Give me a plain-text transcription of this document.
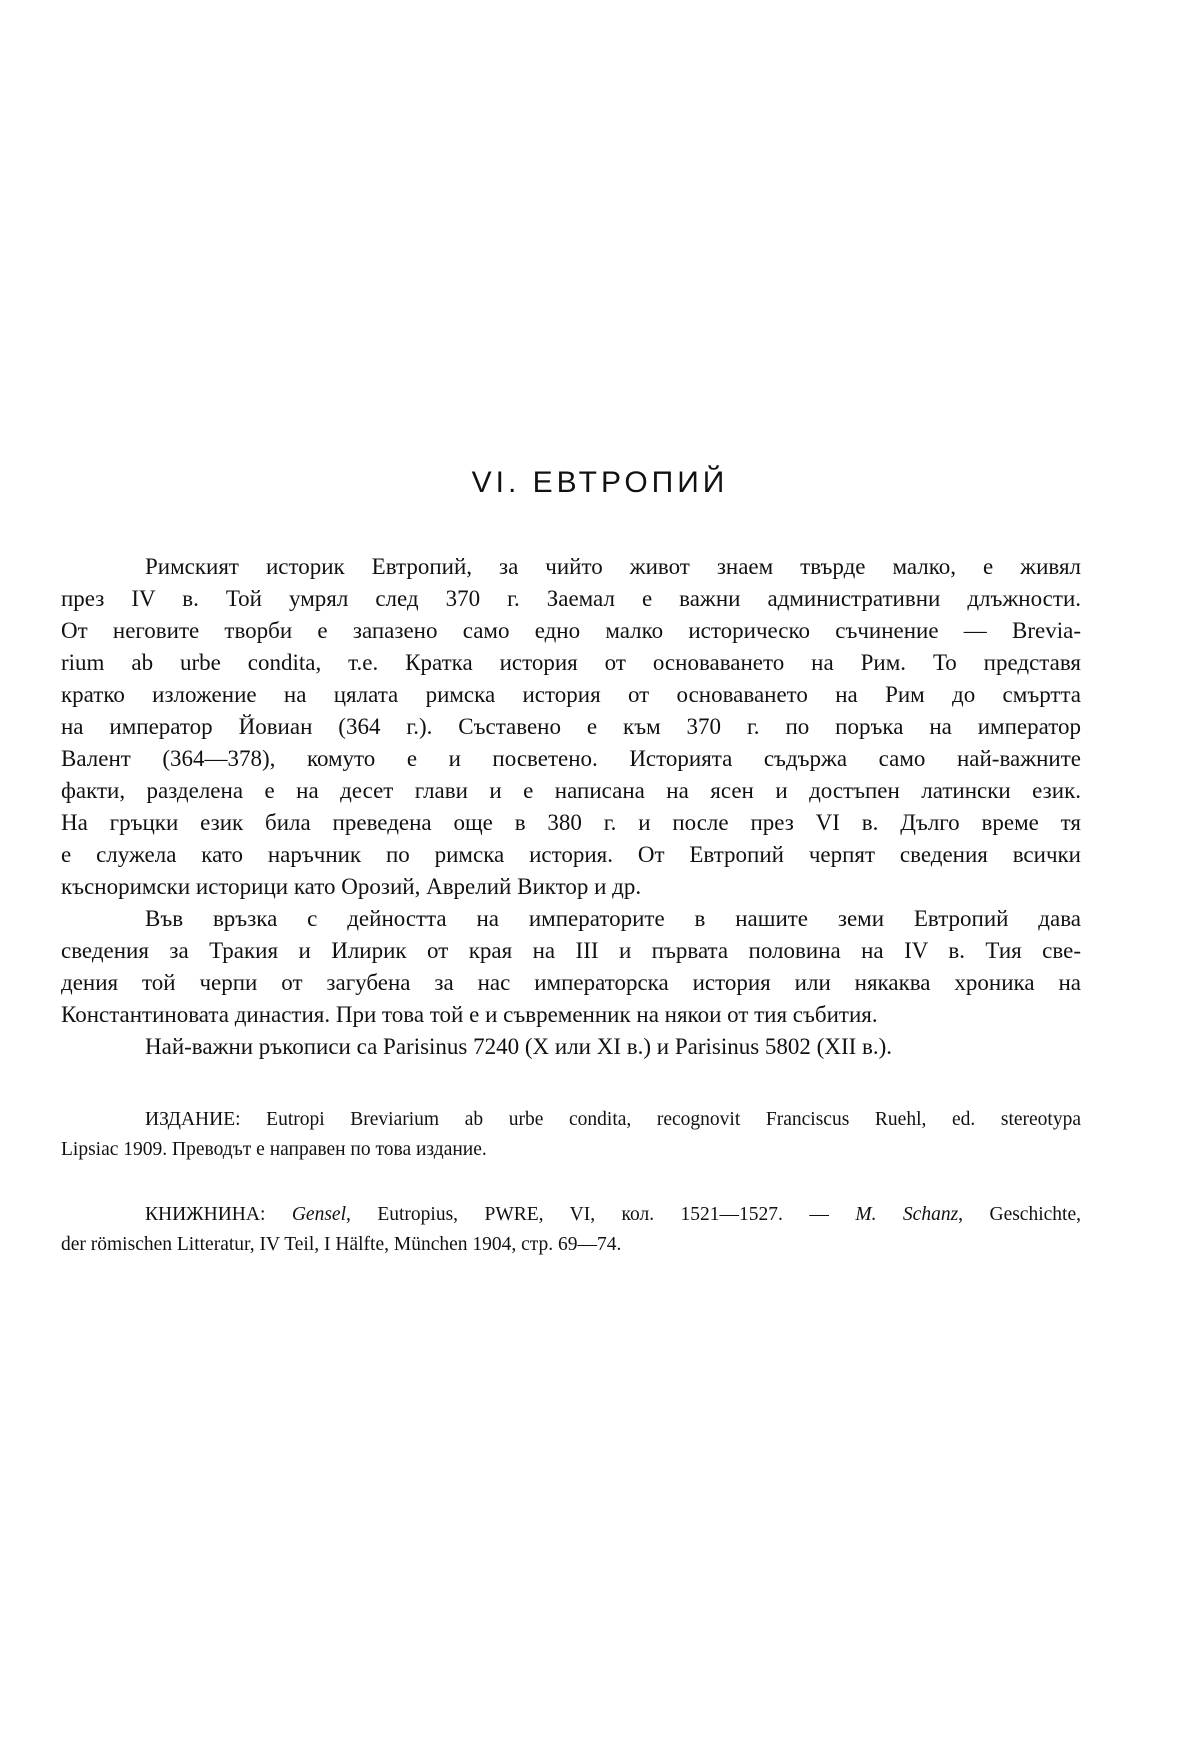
VI. ЕВТРОПИЙ
Римският историк Евтропий, за чийто живот знаем твърде малко, е живял
през IV в. Той умрял след 370 г. Заемал е важни административни длъжности.
От неговите творби е запазено само едно малко историческо съчинение — Brevia-
rium ab urbe condita, т.е. Кратка история от основаването на Рим. То представя
кратко изложение на цялата римска история от основаването на Рим до смъртта
на император Йовиан (364 г.). Съставено е към 370 г. по поръка на император
Валент (364—378), комуто е и посветено. Историята съдържа само най-важните
факти, разделена е на десет глави и е написана на ясен и достъпен латински език.
На гръцки език била преведена още в 380 г. и после през VI в. Дълго време тя
е служела като наръчник по римска история. От Евтропий черпят сведения всички
къснoримски историци като Орозий, Аврелий Виктор и др.
Във връзка с дейността на императорите в нашите земи Евтропий дава
сведения за Тракия и Илирик от края на III и първата половина на IV в. Тия све-
дения той черпи от загубена за нас императорска история или някаква хроника на
Константиновата династия. При това той е и съвременник на някои от тия събития.
Най-важни ръкописи са Parisinus 7240 (X или XI в.) и Parisinus 5802 (XII в.).
ИЗДАНИЕ: Eutropi Breviarium ab urbe condita, recognovit Franciscus Ruehl, ed. stereotypa
Lipsiac 1909. Преводът е направен по това издание.
КНИЖНИНА: Gensel, Eutropius, PWRE, VI, кол. 1521—1527. — M. Schanz, Geschichte,
der römischen Litteratur, IV Teil, I Hälfte, München 1904, стр. 69—74.
